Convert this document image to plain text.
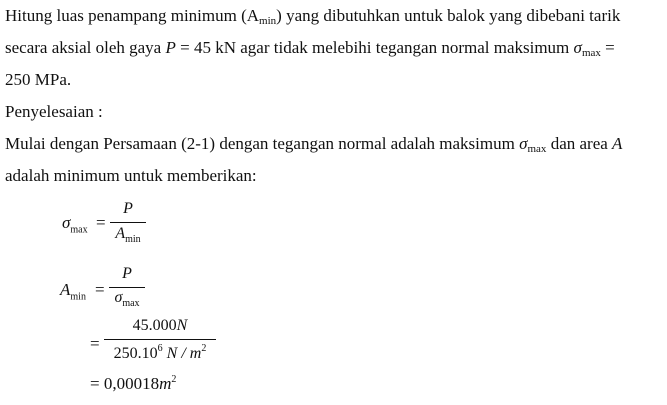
Hitung luas penampang minimum $(A_{min})$ yang dibutuhkan untuk balok yang dibebani tarik
secara aksial oleh gaya P = 45 kN agar tidak melebihi tegangan normal maksimum $\sigma_{max}$ =
250 MPa.
Penyelesaian :
Mulai dengan Persamaan (2-1) dengan tegangan normal adalah maksimum $\sigma_{max}$ dan area A
adalah minimum untuk memberikan:
$\sigma_{max}$ =
P
$A_{min}$
$A_{min}$ =
P
$\sigma_{max}$
=
45.000N
250.10$^6$ N / $m^2$
= $0,00018m^2$
